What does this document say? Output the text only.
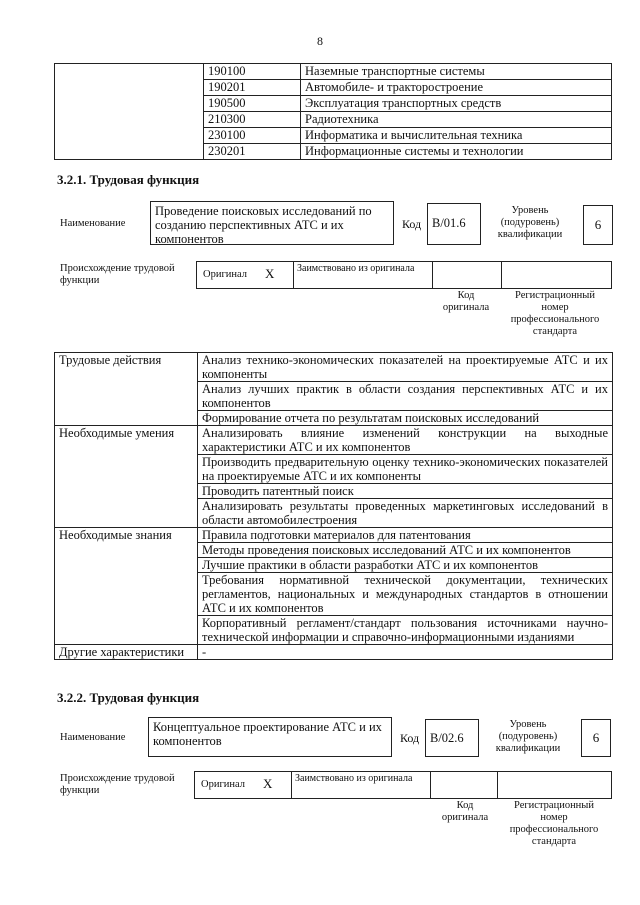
8
	190100	Наземные транспортные системы
	190201	Автомобиле- и тракторостроение
	190500	Эксплуатация транспортных средств
	210300	Радиотехника
	230100	Информатика и вычислительная техника
	230201	Информационные системы и технологии
3.2.1. Трудовая функция
Наименование
Проведение поисковых исследований по созданию перспективных АТС и их компонентов
Код B/01.6
Уровень (подуровень) квалификации
6
Происхождение трудовой функции
Оригинал X Заимствовано из оригинала
Код оригинала
Регистрационный номер профессионального стандарта
Трудовые действия	Анализ технико-экономических показателей на проектируемые АТС и их компоненты
	Анализ лучших практик в области создания перспективных АТС и их компонентов
	Формирование отчета по результатам поисковых исследований
Необходимые умения	Анализировать влияние изменений конструкции на выходные характеристики АТС и их компонентов
	Производить предварительную оценку технико-экономических показателей на проектируемые АТС и их компоненты
	Проводить патентный поиск
	Анализировать результаты проведенных маркетинговых исследований в области автомобилестроения
Необходимые знания	Правила подготовки материалов для патентования
	Методы проведения поисковых исследований АТС и их компонентов
	Лучшие практики в области разработки АТС и их компонентов
	Требования нормативной технической документации, технических регламентов, национальных и международных стандартов в отношении АТС и их компонентов
	Корпоративный регламент/стандарт пользования источниками научно-технической информации и справочно-информационными изданиями
Другие характеристики	-
3.2.2. Трудовая функция
Наименование
Концептуальное проектирование АТС и их компонентов	Код B/02.6
Уровень (подуровень) квалификации
6
Происхождение трудовой функции
Оригинал X Заимствовано из оригинала
Код оригинала
Регистрационный номер профессионального стандарта
